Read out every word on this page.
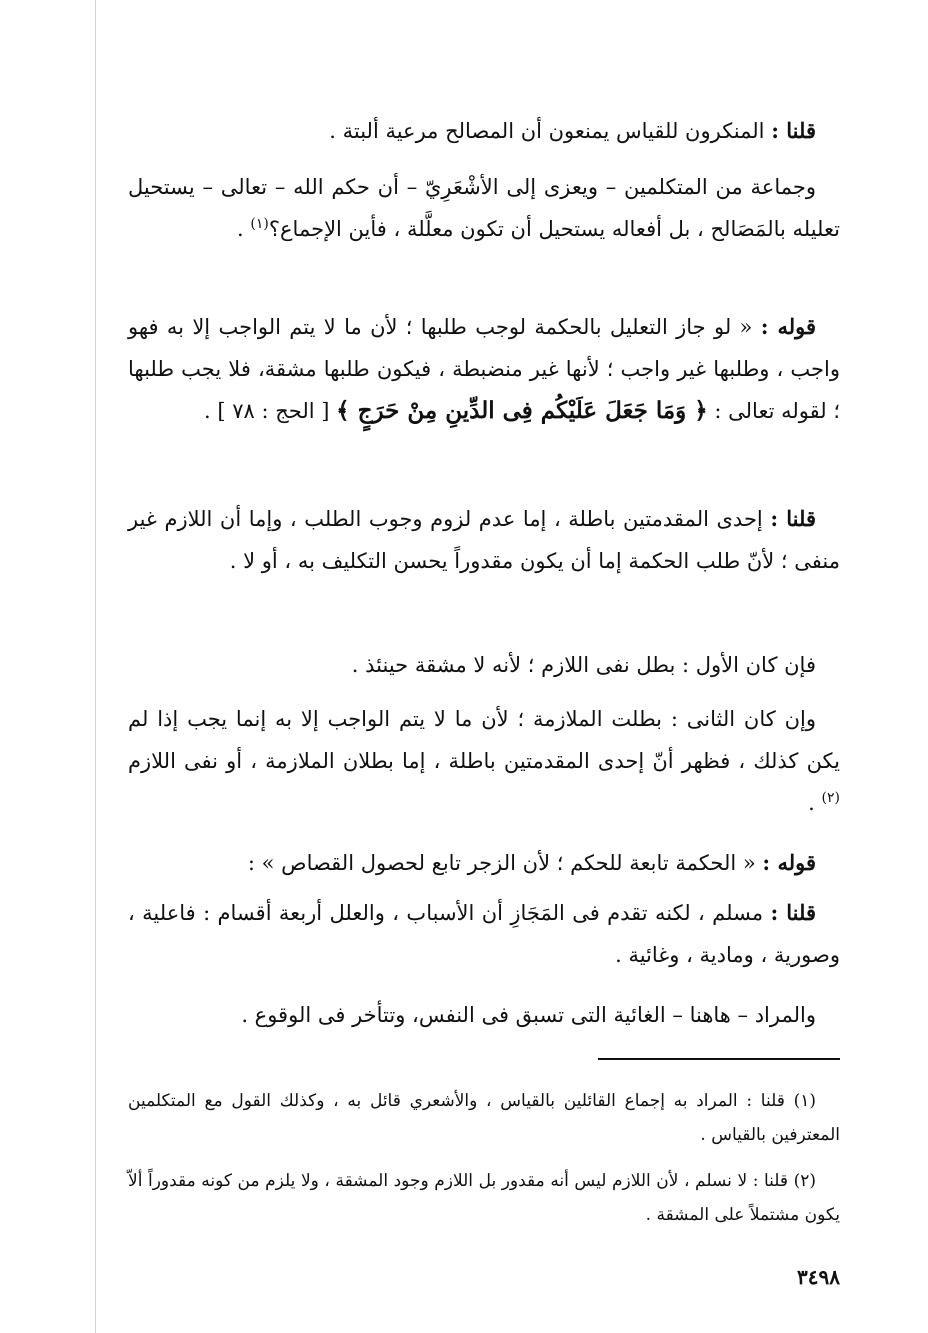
قلنا : المنكرون للقياس يمنعون أن المصالح مرعية ألبتة .

وجماعة من المتكلمين – ويعزى إلى الأشْعَرِيّ – أن حكم الله – تعالى – يستحيل تعليله بالمَصَالح ، بل أفعاله يستحيل أن تكون معلَّلة ، فأين الإجماع؟$^{(١)}$ .

قوله : « لو جاز التعليل بالحكمة لوجب طلبها ؛ لأن ما لا يتم الواجب إلا به فهو واجب ، وطلبها غير واجب ؛ لأنها غير منضبطة ، فيكون طلبها مشقة، فلا يجب طلبها ؛ لقوله تعالى : ﴿ وَمَا جَعَلَ عَلَيْكُم فِى الدِّينِ مِنْ حَرَجٍ ﴾ [ الحج : ٧٨ ] .

قلنا : إحدى المقدمتين باطلة ، إما عدم لزوم وجوب الطلب ، وإما أن اللازم غير منفى ؛ لأنّ طلب الحكمة إما أن يكون مقدوراً يحسن التكليف به ، أو لا .

فإن كان الأول : بطل نفى اللازم ؛ لأنه لا مشقة حينئذ .

وإن كان الثانى : بطلت الملازمة ؛ لأن ما لا يتم الواجب إلا به إنما يجب إذا لم يكن كذلك ، فظهر أنّ إحدى المقدمتين باطلة ، إما بطلان الملازمة ، أو نفى اللازم $^{(٢)}$ .

قوله : « الحكمة تابعة للحكم ؛ لأن الزجر تابع لحصول القصاص » :

قلنا : مسلم ، لكنه تقدم فى المَجَازِ أن الأسباب ، والعلل أربعة أقسام : فاعلية ، وصورية ، ومادية ، وغائية .

والمراد – هاهنا – الغائية التى تسبق فى النفس، وتتأخر فى الوقوع .

(١) قلنا : المراد به إجماع القائلين بالقياس ، والأشعري قائل به ، وكذلك القول مع المتكلمين المعترفين بالقياس .

(٢) قلنا : لا نسلم ، لأن اللازم ليس أنه مقدور بل اللازم وجود المشقة ، ولا يلزم من كونه مقدوراً ألاّ يكون مشتملاً على المشقة .

٣٤٩٨
